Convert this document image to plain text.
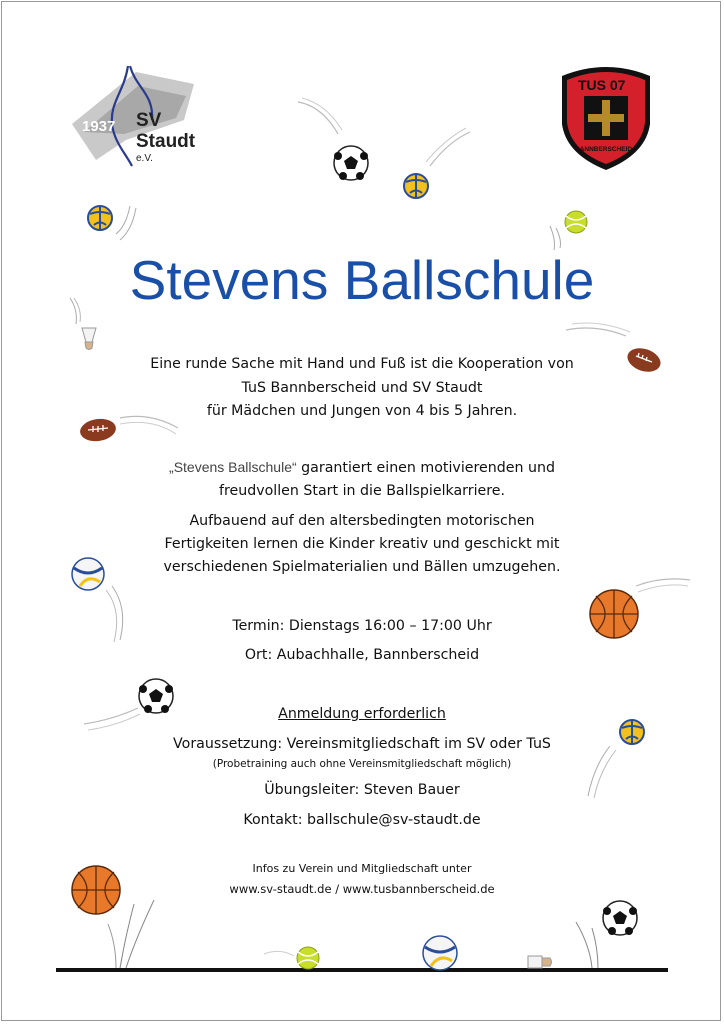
1937 SV
Staudt
e.V.
TUS 07
BANNBERSCHEID
Stevens Ballschule
Eine runde Sache mit Hand und Fuß ist die Kooperation von
TuS Bannberscheid und SV Staudt
für Mädchen und Jungen von 4 bis 5 Jahren.
„Stevens Ballschule“ garantiert einen motivierenden und
freudvollen Start in die Ballspielkarriere.
Aufbauend auf den altersbedingten motorischen
Fertigkeiten lernen die Kinder kreativ und geschickt mit
verschiedenen Spielmaterialien und Bällen umzugehen.
Termin: Dienstags 16:00 – 17:00 Uhr
Ort: Aubachhalle, Bannberscheid
Anmeldung erforderlich
Voraussetzung: Vereinsmitgliedschaft im SV oder TuS
(Probetraining auch ohne Vereinsmitgliedschaft möglich)
Übungsleiter: Steven Bauer
Kontakt: ballschule@sv-staudt.de
Infos zu Verein und Mitgliedschaft unter
www.sv-staudt.de / www.tusbannberscheid.de
